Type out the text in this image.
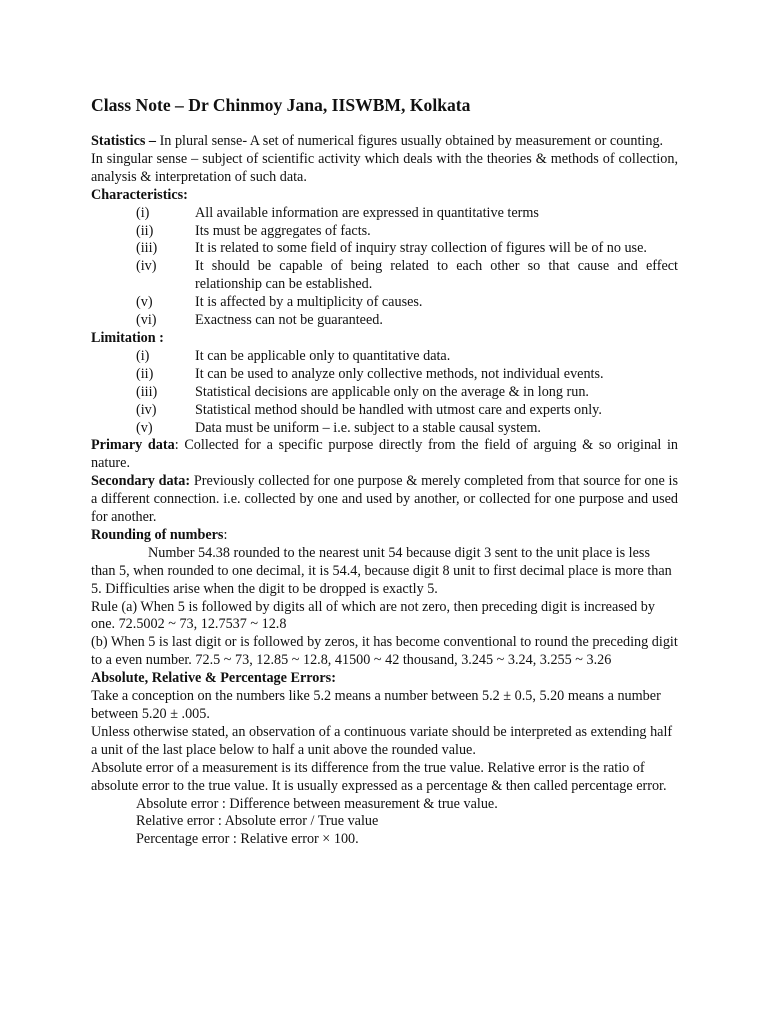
Class Note – Dr Chinmoy Jana, IISWBM, Kolkata

Statistics – In plural sense- A set of numerical figures usually obtained by measurement or counting.

In singular sense – subject of scientific activity which deals with the theories & methods of collection, analysis & interpretation of such data.

Characteristics:

(i)	All available information are expressed in quantitative terms
(ii)	Its must be aggregates of facts.
(iii)	It is related to some field of inquiry stray collection of figures will be of no use.
(iv)	It should be capable of being related to each other so that cause and effect relationship can be established.
(v)	It is affected by a multiplicity of causes.
(vi)	Exactness can not be guaranteed.

Limitation :

(i)	It can be applicable only to quantitative data.
(ii)	It can be used to analyze only collective methods, not individual events.
(iii)	Statistical decisions are applicable only on the average & in long run.
(iv)	Statistical method should be handled with utmost care and experts only.
(v)	Data must be uniform – i.e. subject to a stable causal system.

Primary data: Collected for a specific purpose directly from the field of arguing & so original in nature.

Secondary data: Previously collected for one purpose & merely completed from that source for one is a different connection. i.e. collected by one and used by another, or collected for one purpose and used for another.

Rounding of numbers:

Number 54.38 rounded to the nearest unit 54 because digit 3 sent to the unit place is less

than 5, when rounded to one decimal, it is 54.4, because digit 8 unit to first decimal place is more than 5. Difficulties arise when the digit to be dropped is exactly 5.

Rule (a) When 5 is followed by digits all of which are not zero, then preceding digit is increased by one. 72.5002 ~ 73, 12.7537 ~ 12.8

(b) When 5 is last digit or is followed by zeros, it has become conventional to round the preceding digit to a even number. 72.5 ~ 73, 12.85 ~ 12.8, 41500 ~ 42 thousand, 3.245 ~ 3.24, 3.255 ~ 3.26

Absolute, Relative & Percentage Errors:

Take a conception on the numbers like 5.2 means a number between 5.2 ± 0.5, 5.20 means a number between 5.20 ± .005.

Unless otherwise stated, an observation of a continuous variate should be interpreted as extending half a unit of the last place below to half a unit above the rounded value.

Absolute error of a measurement is its difference from the true value. Relative error is the ratio of absolute error to the true value. It is usually expressed as a percentage & then called percentage error.

Absolute error : Difference between measurement & true value.

Relative error : Absolute error / True value

Percentage error : Relative error × 100.
